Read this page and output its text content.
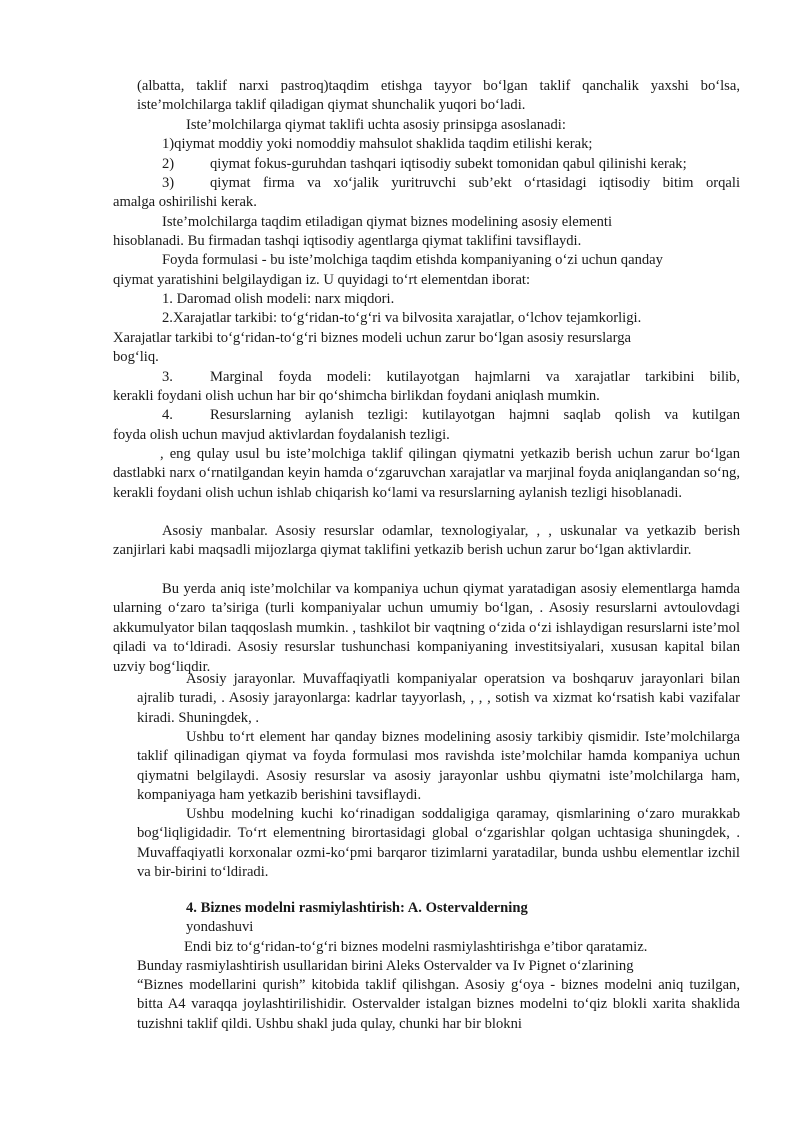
(albatta, taklif narxi pastroq)taqdim etishga tayyor bo‘lgan taklif qanchalik yaxshi bo‘lsa, iste’molchilarga taklif qiladigan qiymat shunchalik yuqori bo‘ladi.

Iste’molchilarga qiymat taklifi uchta asosiy prinsipga asoslanadi:

1)qiymat moddiy yoki nomoddiy mahsulot shaklida taqdim etilishi kerak;

2) qiymat fokus-guruhdan tashqari iqtisodiy subekt tomonidan qabul qilinishi kerak;
3) qiymat firma va xo‘jalik yuritruvchi sub’ekt o‘rtasidagi iqtisodiy bitim orqali
amalga oshirilishi kerak.
Iste’molchilarga taqdim etiladigan qiymat biznes modelining asosiy elementi
hisoblanadi. Bu firmadan tashqi iqtisodiy agentlarga qiymat taklifini tavsiflaydi.
Foyda formulasi - bu iste’molchiga taqdim etishda kompaniyaning o‘zi uchun qanday
qiymat yaratishini belgilaydigan iz. U quyidagi to‘rt elementdan iborat:
1. Daromad olish modeli: narx miqdori.
2.Xarajatlar tarkibi: to‘g‘ridan-to‘g‘ri va bilvosita xarajatlar, o‘lchov tejamkorligi.
Xarajatlar tarkibi to‘g‘ridan-to‘g‘ri biznes modeli uchun zarur bo‘lgan asosiy resurslarga
bog‘liq.
3.	Marginal foyda modeli: kutilayotgan hajmlarni va xarajatlar tarkibini bilib,
kerakli foydani olish uchun har bir qo‘shimcha birlikdan foydani aniqlash mumkin.
4.	Resurslarning aylanish tezligi: kutilayotgan hajmni saqlab qolish va kutilgan
foyda olish uchun mavjud aktivlardan foydalanish tezligi.

, eng qulay usul bu iste’molchiga taklif qilingan qiymatni yetkazib berish uchun zarur bo‘lgan dastlabki narx o‘rnatilgandan keyin hamda o‘zgaruvchan xarajatlar va marjinal foyda aniqlangandan so‘ng, kerakli foydani olish uchun ishlab chiqarish ko‘lami va resurslarning aylanish tezligi hisoblanadi.

Asosiy manbalar. Asosiy resurslar odamlar, texnologiyalar, , , uskunalar va yetkazib berish zanjirlari kabi maqsadli mijozlarga qiymat taklifini yetkazib berish uchun zarur bo‘lgan aktivlardir.

Bu yerda aniq iste’molchilar va kompaniya uchun qiymat yaratadigan asosiy elementlarga hamda ularning o‘zaro ta’siriga (turli kompaniyalar uchun umumiy bo‘lgan, . Asosiy resurslarni avtoulovdagi akkumulyator bilan taqqoslash mumkin. , tashkilot bir vaqtning o‘zida o‘zi ishlaydigan resurslarni iste’mol qiladi va to‘ldiradi. Asosiy resurslar tushunchasi kompaniyaning investitsiyalari, xususan kapital bilan uzviy bog‘liqdir.

Asosiy jarayonlar. Muvaffaqiyatli kompaniyalar operatsion va boshqaruv jarayonlari bilan ajralib turadi, . Asosiy jarayonlarga: kadrlar tayyorlash, , , , sotish va xizmat ko‘rsatish kabi vazifalar kiradi. Shuningdek, .

Ushbu to‘rt element har qanday biznes modelining asosiy tarkibiy qismidir. Iste’molchilarga taklif qilinadigan qiymat va foyda formulasi mos ravishda iste’molchilar hamda kompaniya uchun qiymatni belgilaydi. Asosiy resurslar va asosiy jarayonlar ushbu qiymatni iste’molchilarga ham, kompaniyaga ham yetkazib berishini tavsiflaydi.

Ushbu modelning kuchi ko‘rinadigan soddaligiga qaramay, qismlarining o‘zaro murakkab bog‘liqligidadir. To‘rt elementning birortasidagi global o‘zgarishlar qolgan uchtasiga shuningdek, . Muvaffaqiyatli korxonalar ozmi-ko‘pmi barqaror tizimlarni yaratadilar, bunda ushbu elementlar izchil va bir-birini to‘ldiradi.

4. Biznes modelni rasmiylashtirish: A. Ostervalderning

yondashuvi

Endi biz to‘g‘ridan-to‘g‘ri biznes modelni rasmiylashtirishga e’tibor qaratamiz.
Bunday rasmiylashtirish usullaridan birini Aleks Ostervalder va Iv Pignet o‘zlarining

“Biznes modellarini qurish” kitobida taklif qilishgan. Asosiy g‘oya - biznes modelni aniq tuzilgan, bitta A4 varaqqa joylashtirilishidir. Ostervalder istalgan biznes modelni to‘qiz blokli xarita shaklida tuzishni taklif qildi. Ushbu shakl juda qulay, chunki har bir blokni
